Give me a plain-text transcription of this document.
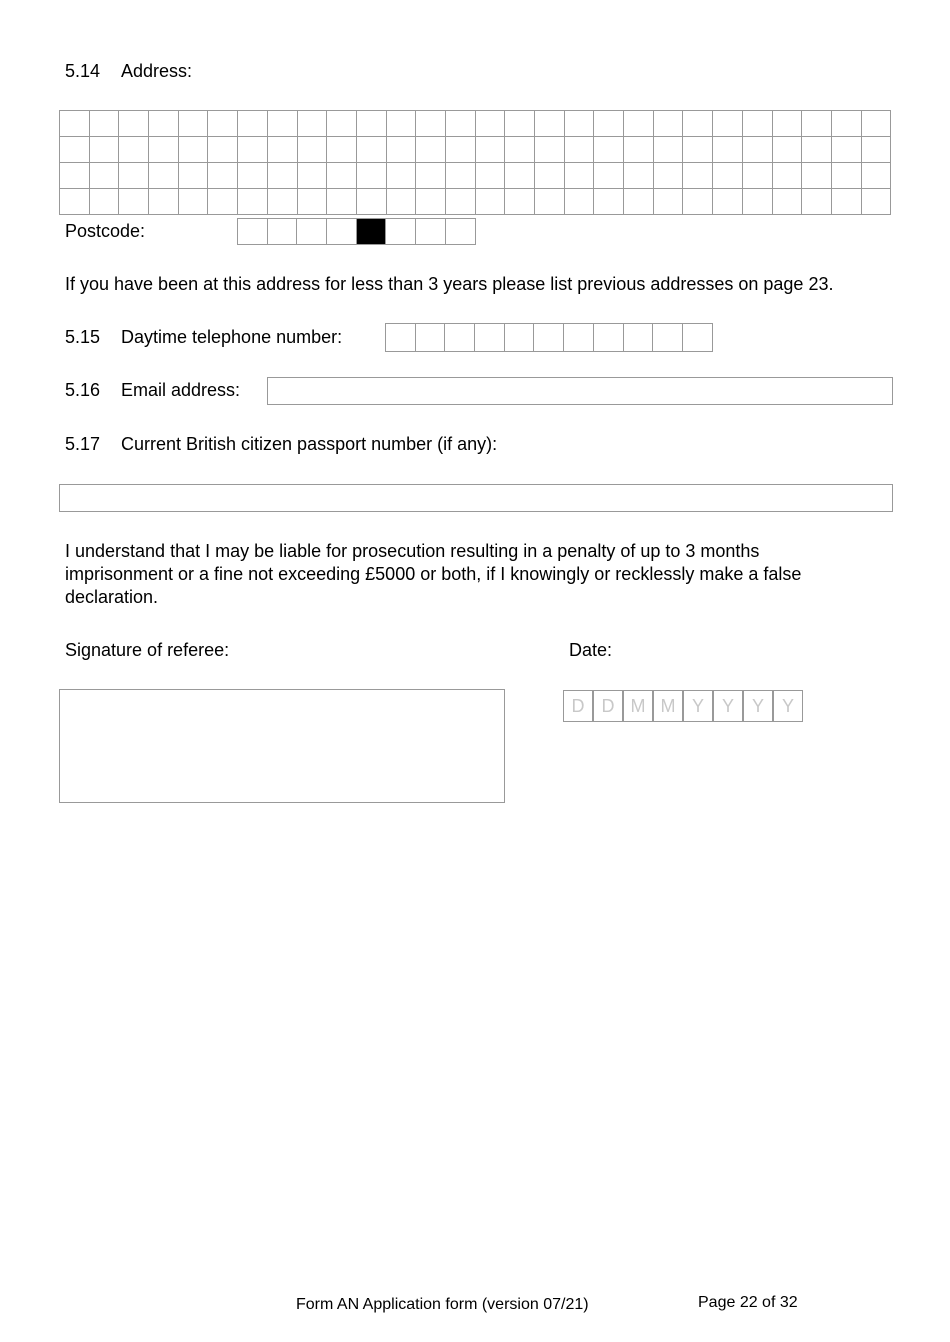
5.14 Address:
Postcode:
If you have been at this address for less than 3 years please list previous addresses on page 23.
5.15 Daytime telephone number:
5.16 Email address:
5.17 Current British citizen passport number (if any):
I understand that I may be liable for prosecution resulting in a penalty of up to 3 months imprisonment or a fine not exceeding £5000 or both, if I knowingly or recklessly make a false declaration.
Signature of referee:	Date:
D D M M Y Y Y Y
Form AN Application form (version 07/21)	Page 22 of 32
